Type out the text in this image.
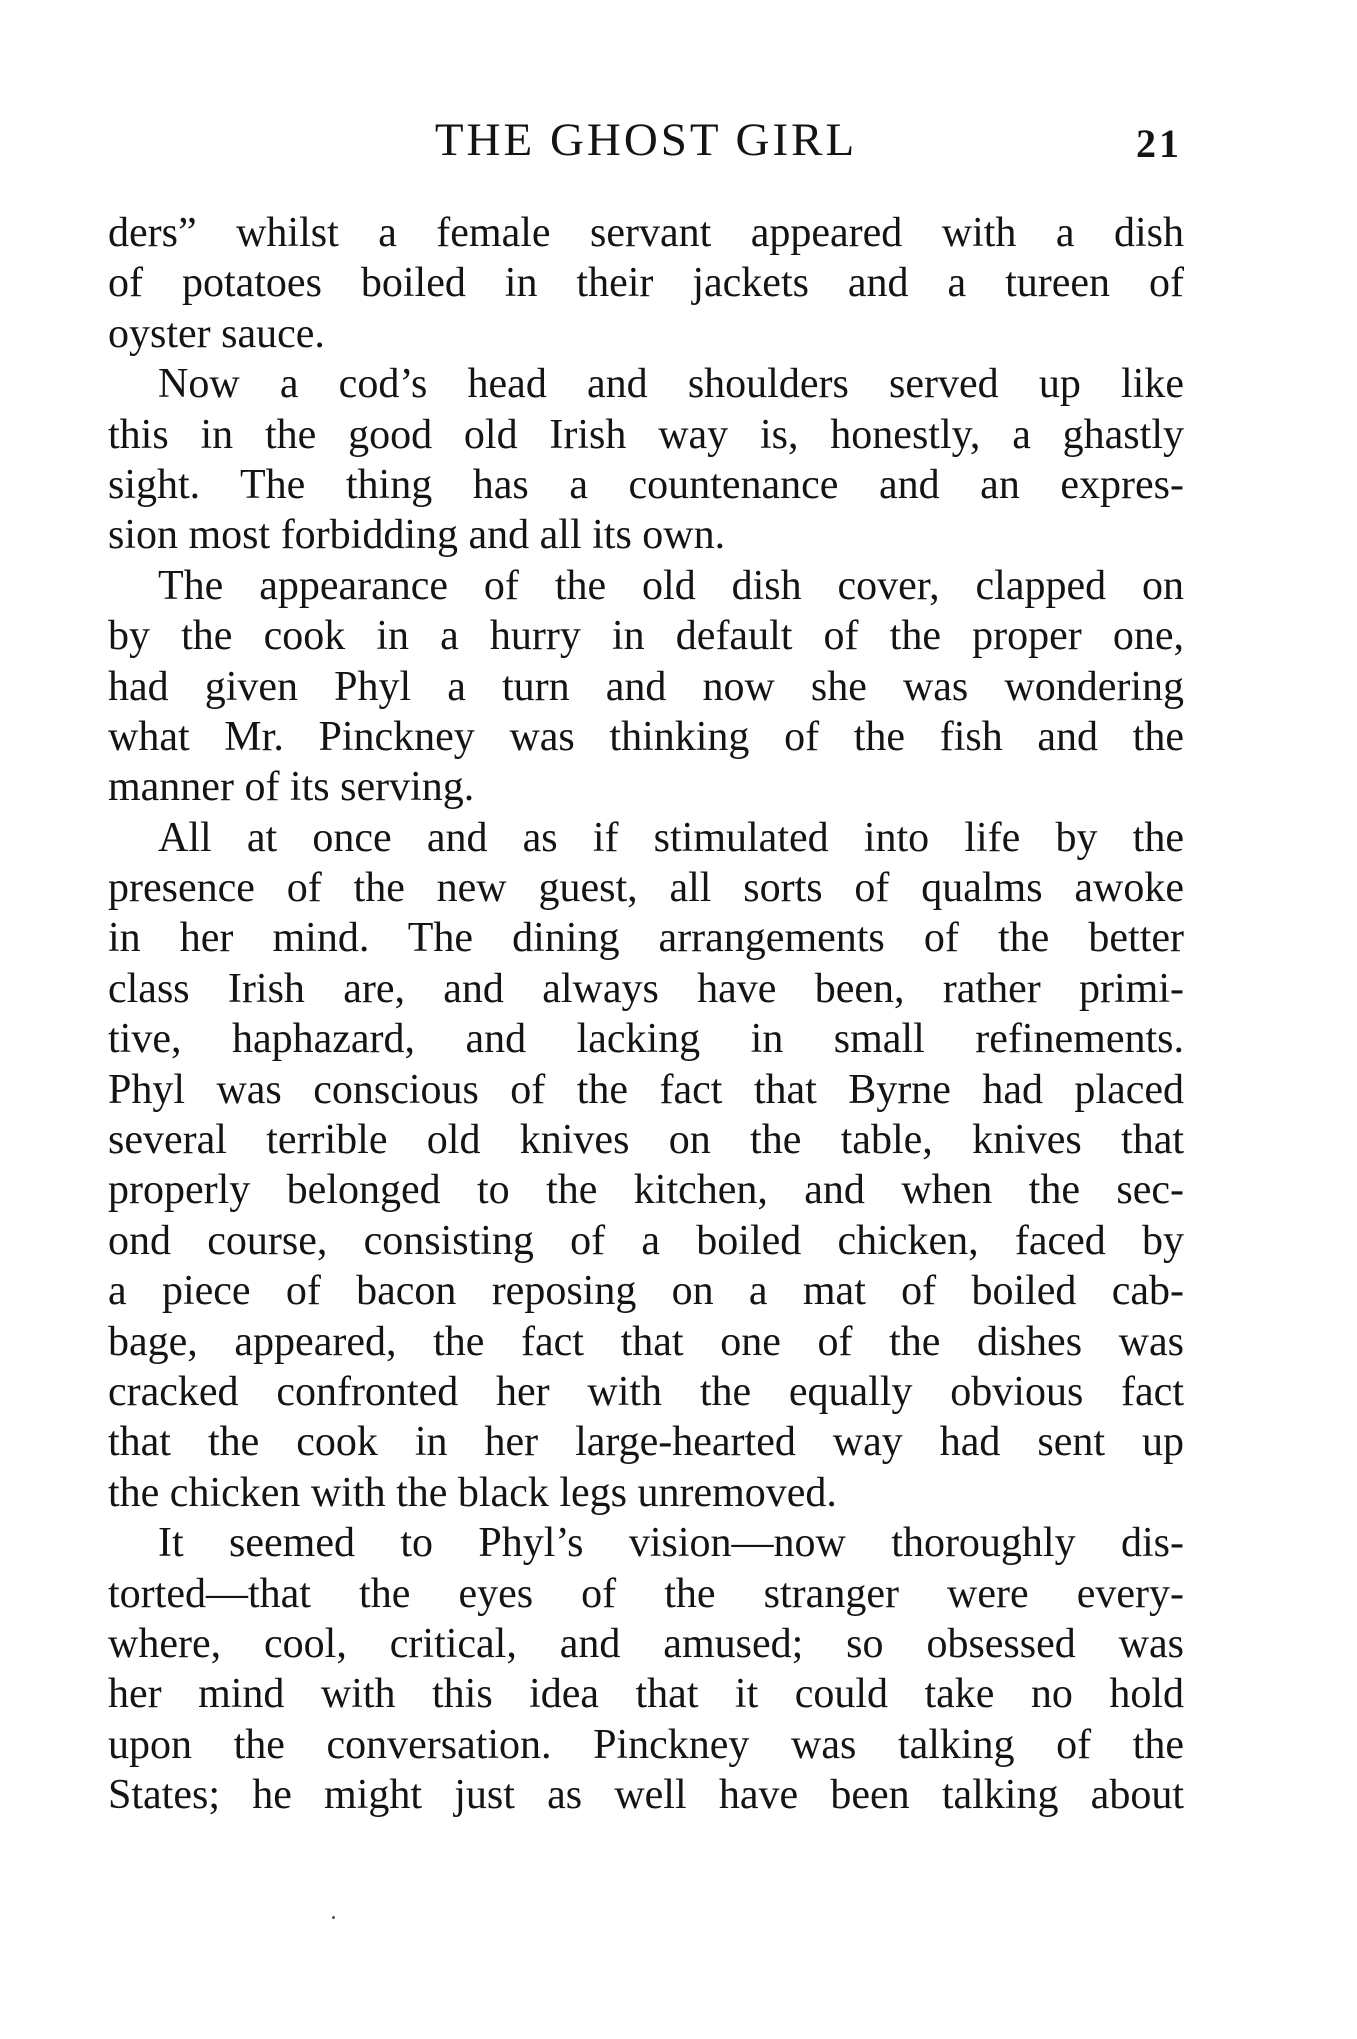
THE GHOST GIRL	21
ders” whilst a female servant appeared with a dish
of potatoes boiled in their jackets and a tureen of
oyster sauce.
Now a cod’s head and shoulders served up like
this in the good old Irish way is, honestly, a ghastly
sight. The thing has a countenance and an expres-
sion most forbidding and all its own.
The appearance of the old dish cover, clapped on
by the cook in a hurry in default of the proper one,
had given Phyl a turn and now she was wondering
what Mr. Pinckney was thinking of the fish and the
manner of its serving.
All at once and as if stimulated into life by the
presence of the new guest, all sorts of qualms awoke
in her mind. The dining arrangements of the better
class Irish are, and always have been, rather primi-
tive, haphazard, and lacking in small refinements.
Phyl was conscious of the fact that Byrne had placed
several terrible old knives on the table, knives that
properly belonged to the kitchen, and when the sec-
ond course, consisting of a boiled chicken, faced by
a piece of bacon reposing on a mat of boiled cab-
bage, appeared, the fact that one of the dishes was
cracked confronted her with the equally obvious fact
that the cook in her large-hearted way had sent up
the chicken with the black legs unremoved.
It seemed to Phyl’s vision—now thoroughly dis-
torted—that the eyes of the stranger were every-
where, cool, critical, and amused; so obsessed was
her mind with this idea that it could take no hold
upon the conversation. Pinckney was talking of the
States; he might just as well have been talking about
